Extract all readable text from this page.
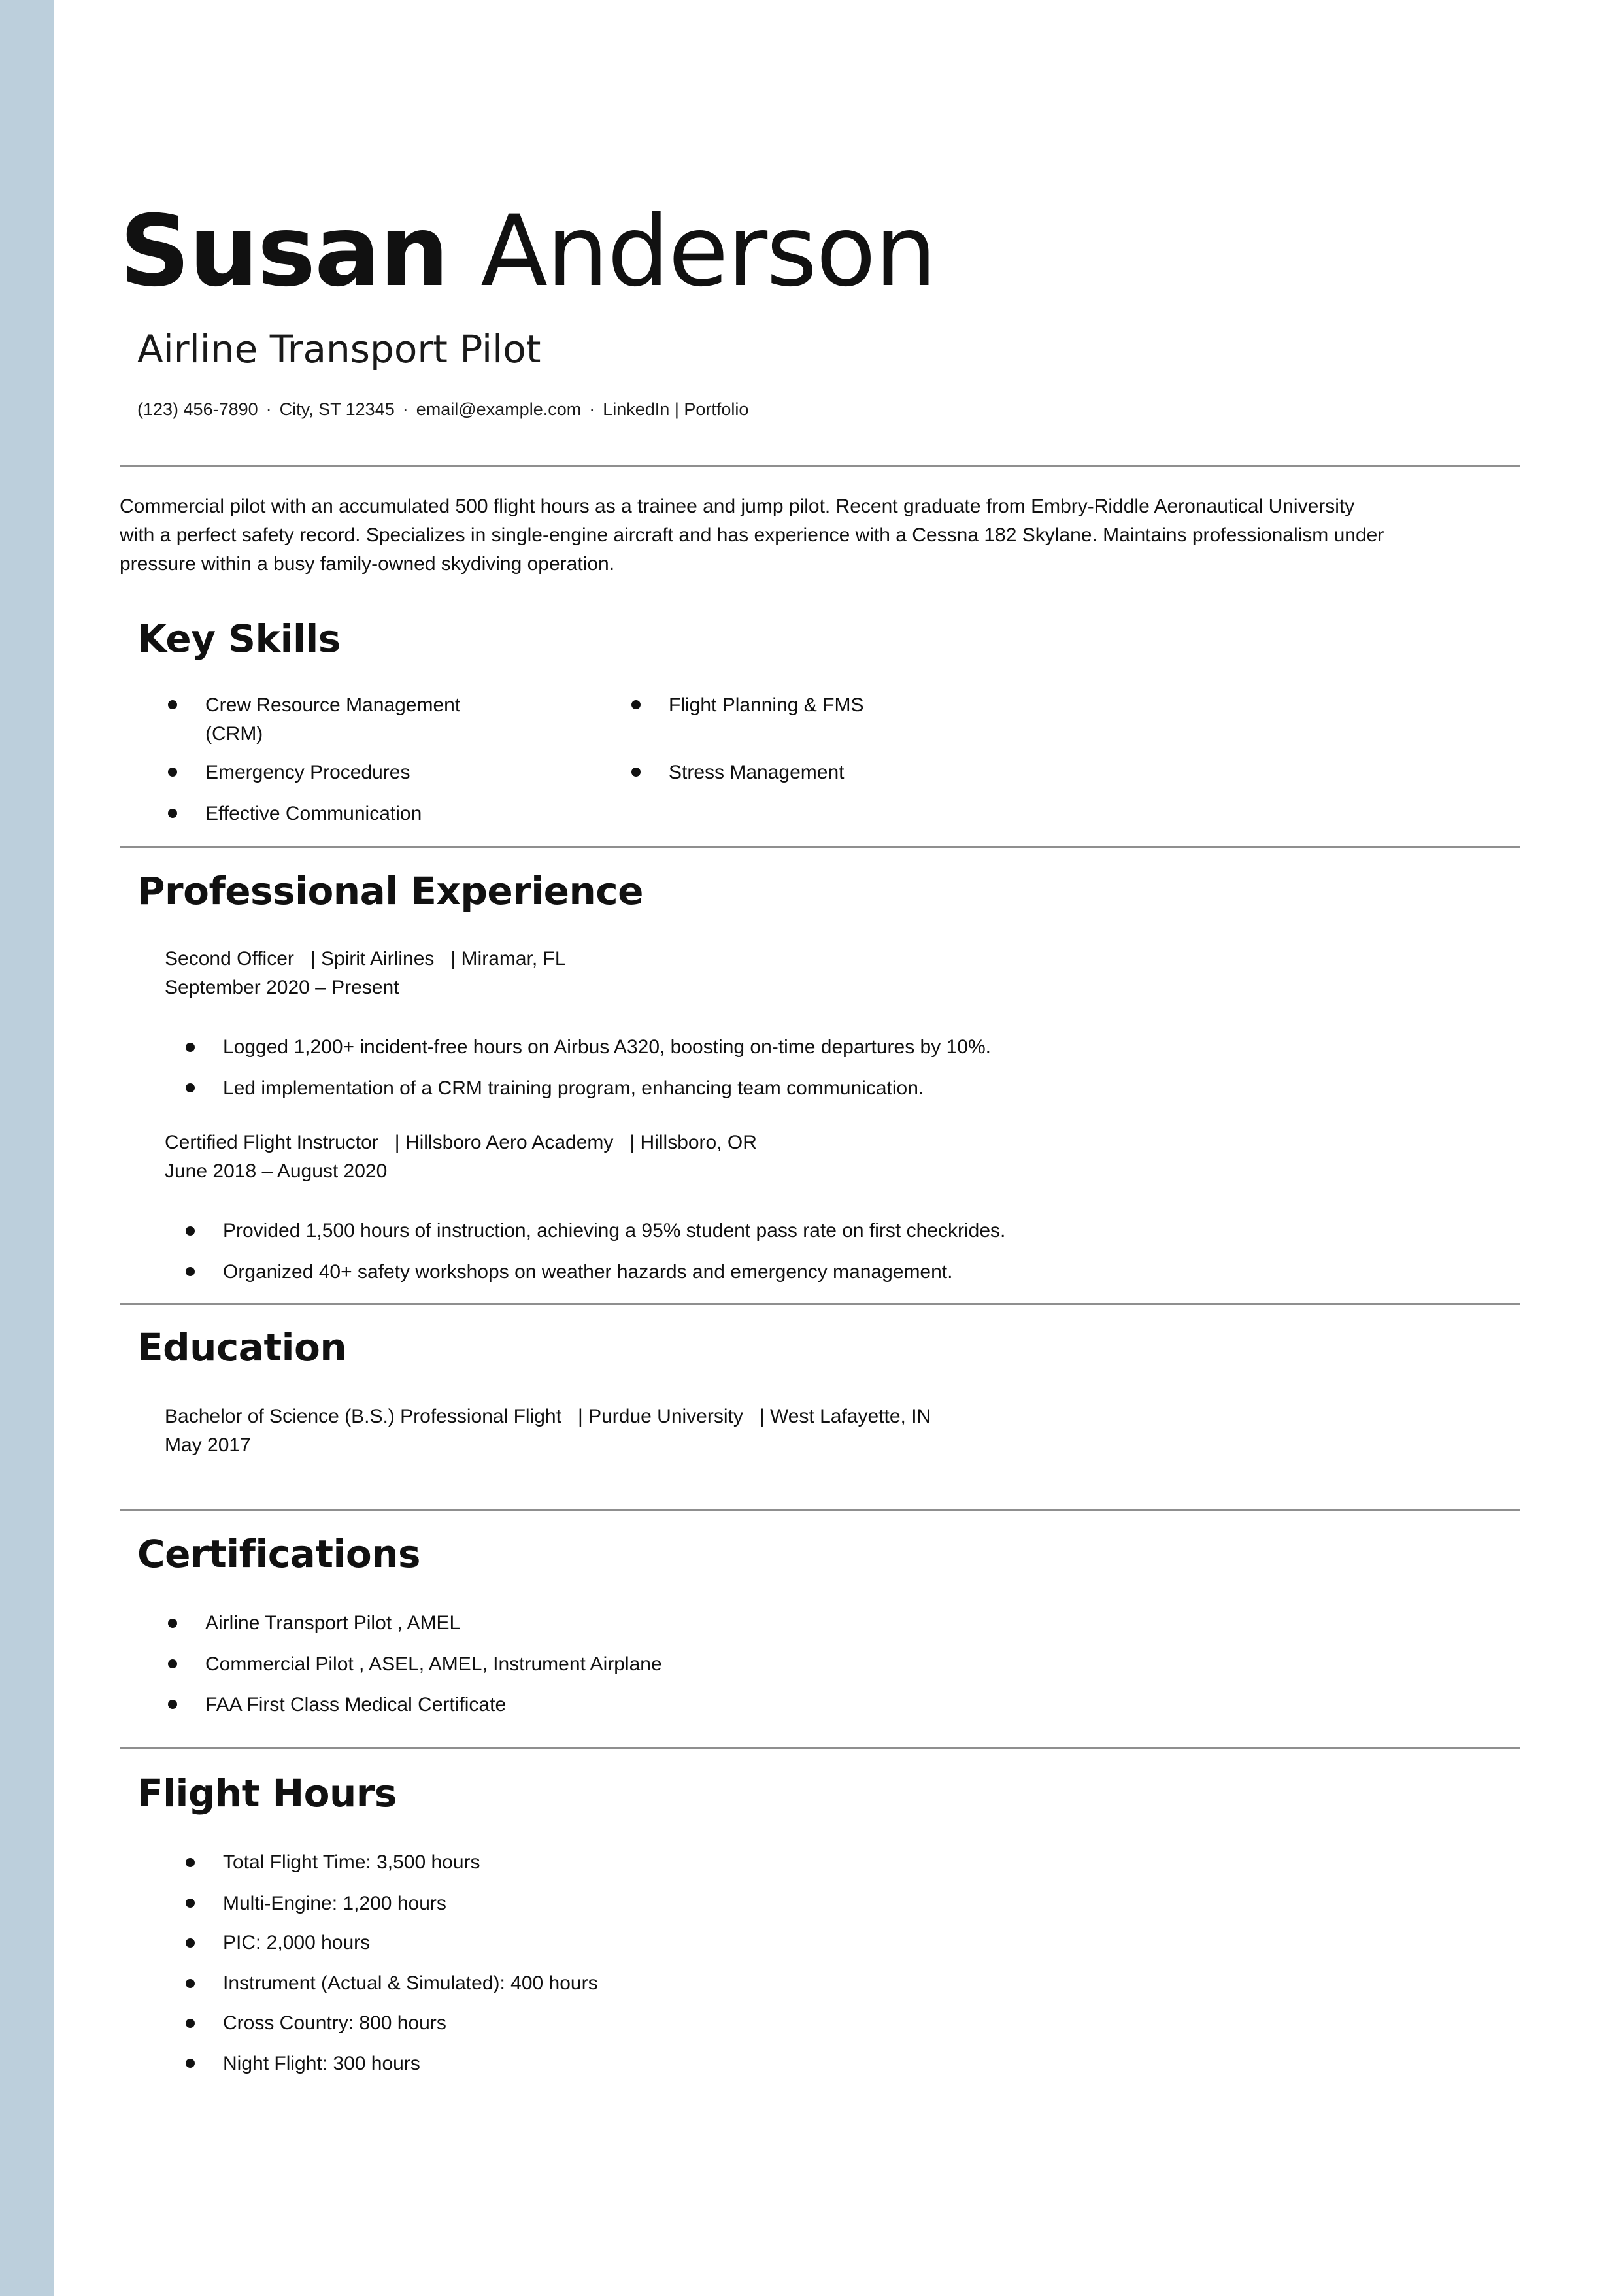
Susan Anderson
Airline Transport Pilot
(123) 456-7890 · City, ST 12345 · email@example.com · LinkedIn | Portfolio
Commercial pilot with an accumulated 500 flight hours as a trainee and jump pilot. Recent graduate from Embry-Riddle Aeronautical University
with a perfect safety record. Specializes in single-engine aircraft and has experience with a Cessna 182 Skylane. Maintains professionalism under
pressure within a busy family-owned skydiving operation.
Key Skills
Crew Resource Management
(CRM)
Emergency Procedures
Effective Communication
Flight Planning & FMS
Stress Management
Professional Experience
Second Officer   | Spirit Airlines   | Miramar, FL
September 2020 – Present
Logged 1,200+ incident-free hours on Airbus A320, boosting on-time departures by 10%.
Led implementation of a CRM training program, enhancing team communication.
Certified Flight Instructor   | Hillsboro Aero Academy   | Hillsboro, OR
June 2018 – August 2020
Provided 1,500 hours of instruction, achieving a 95% student pass rate on first checkrides.
Organized 40+ safety workshops on weather hazards and emergency management.
Education
Bachelor of Science (B.S.) Professional Flight   | Purdue University   | West Lafayette, IN
May 2017
Certifications
Airline Transport Pilot , AMEL
Commercial Pilot , ASEL, AMEL, Instrument Airplane
FAA First Class Medical Certificate
Flight Hours
Total Flight Time: 3,500 hours
Multi-Engine: 1,200 hours
PIC: 2,000 hours
Instrument (Actual & Simulated): 400 hours
Cross Country: 800 hours
Night Flight: 300 hours
